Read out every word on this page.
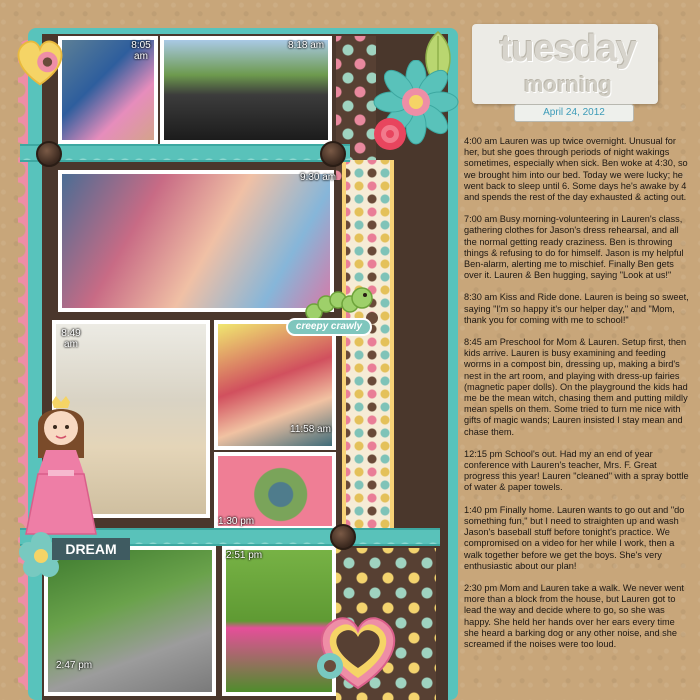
8:05 am
8:18 am
9:30 am
8:49 am
11:58 am
1:30 pm
2:47 pm
2:51 pm
creepy crawly
DREAM
tuesday
morning
April 24, 2012

4:00 am Lauren was up twice overnight. Unusual for her, but she goes through periods of night wakings sometimes, especially when sick. Ben woke at 4:30, so we brought him into our bed. Today we were lucky; he went back to sleep until 6. Some days he's awake by 4 and spends the rest of the day exhausted & acting out.

7:00 am Busy morning-volunteering in Lauren's class, gathering clothes for Jason's dress rehearsal, and all the normal getting ready craziness. Ben is throwing things & refusing to do for himself. Jason is my helpful Ben-alarm, alerting me to mischief. Finally Ben gets over it. Lauren & Ben hugging, saying "Look at us!"

8:30 am Kiss and Ride done. Lauren is being so sweet, saying "I'm so happy it's our helper day," and "Mom, thank you for coming with me to school!"

8:45 am Preschool for Mom & Lauren. Setup first, then kids arrive. Lauren is busy examining and feeding worms in a compost bin, dressing up, making a bird's nest in the art room, and playing with dress-up fairies (magnetic paper dolls). On the playground the kids had me be the mean witch, chasing them and putting mildly mean spells on them. Some tried to turn me nice with gifts of magic wands; Lauren insisted I stay mean and chase them.

12:15 pm School's out. Had my an end of year conference with Lauren's teacher, Mrs. F. Great progress this year! Lauren "cleaned" with a spray bottle of water & paper towels.

1:40 pm Finally home. Lauren wants to go out and "do something fun," but I need to straighten up and wash Jason's baseball stuff before tonight's practice. We compromised on a video for her while I work, then a walk together before we get the boys. She's very enthusiastic about our plan!

2:30 pm Mom and Lauren take a walk. We never went more than a block from the house, but Lauren got to lead the way and decide where to go, so she was happy. She held her hands over her ears every time she heard a barking dog or any other noise, and she screamed if the noises were too loud.
